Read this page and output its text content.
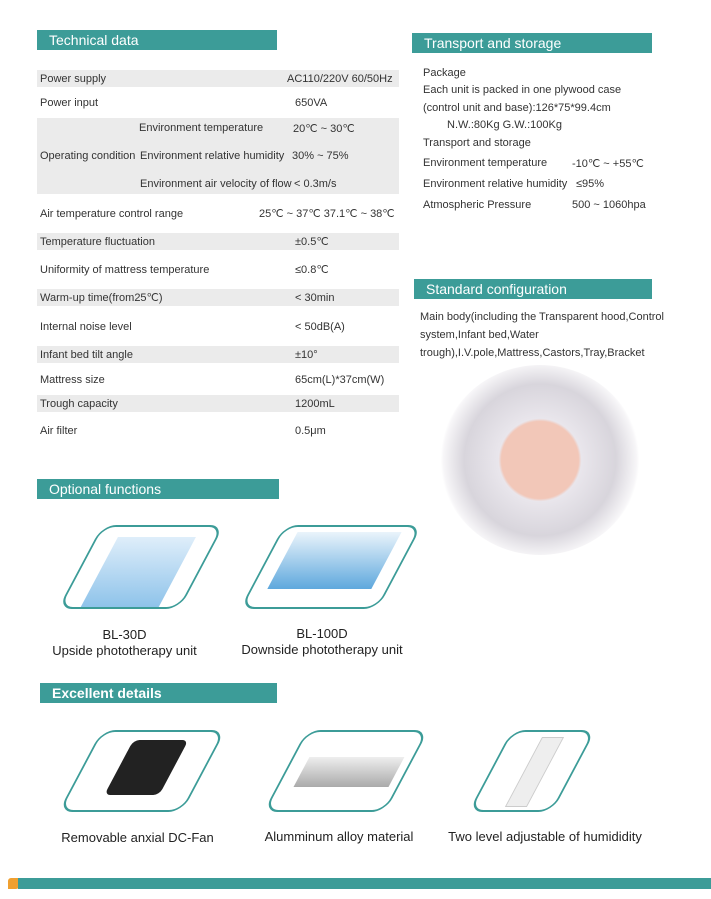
Technical data
Power supply	AC110/220V 60/50Hz
Power input	650VA
Operating condition
Environment temperature	20℃ ~ 30℃
Environment relative humidity 30% ~ 75%
Environment air velocity of flow < 0.3m/s
Air temperature control range	25℃ ~ 37℃ 37.1℃ ~ 38℃
Temperature fluctuation	±0.5℃
Uniformity of mattress temperature	≤0.8℃
Warm-up time(from25℃)	< 30min
Internal noise level	< 50dB(A)
Infant bed tilt angle	±10°
Mattress size	65cm(L)*37cm(W)
Trough capacity	1200mL
Air filter	0.5μm
Transport and storage
Package
Each unit is packed in one plywood case
(control unit and base):126*75*99.4cm
N.W.:80Kg G.W.:100Kg
Transport and storage
Environment temperature -10℃ ~ +55℃
Environment relative humidity ≤95%
Atmospheric Pressure	500 ~ 1060hpa
Standard configuration
Main body(including the Transparent hood,Control system,Infant bed,Water trough),I.V.pole,Mattress,Castors,Tray,Bracket
Optional functions
BL-30D
Upside phototherapy unit
BL-100D
Downside phototherapy unit
Excellent details
Removable anxial DC-Fan	Alumminum alloy material	Two level adjustable of humididity
